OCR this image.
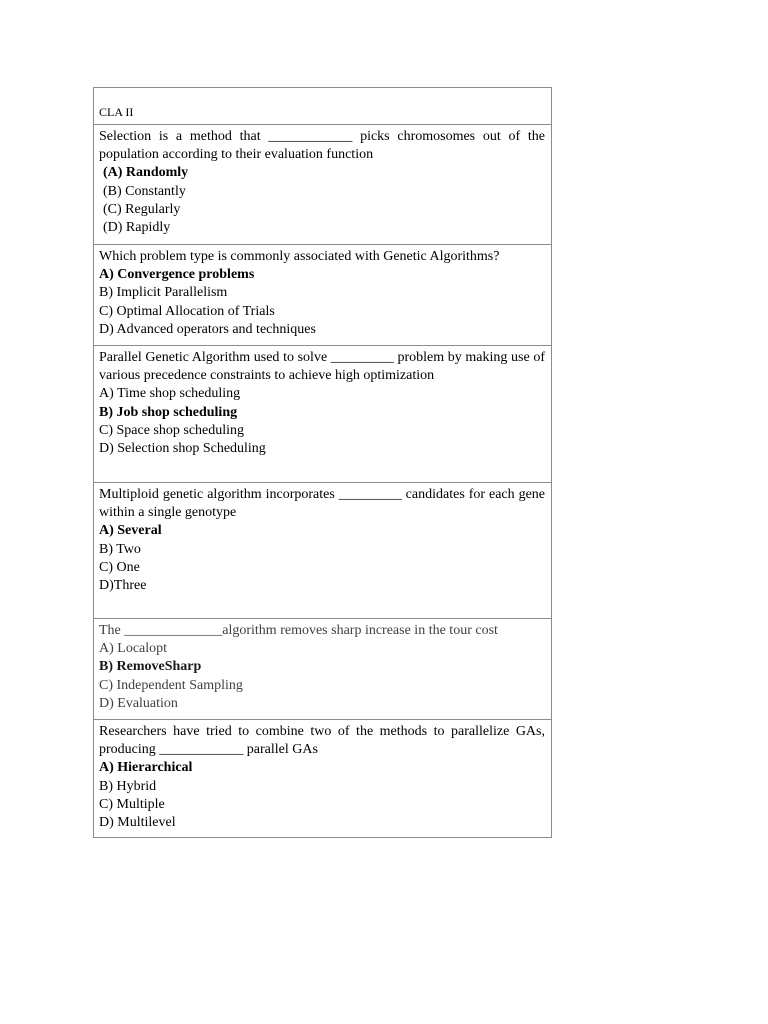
CLA II

Selection is a method that ____________ picks chromosomes out of the population according to their evaluation function
(A) Randomly
(B) Constantly
(C) Regularly
(D) Rapidly

Which problem type is commonly associated with Genetic Algorithms?
A) Convergence problems
B) Implicit Parallelism
C) Optimal Allocation of Trials
D) Advanced operators and techniques

Parallel Genetic Algorithm used to solve _________ problem by making use of various precedence constraints to achieve high optimization
A) Time shop scheduling
B) Job shop scheduling
C) Space shop scheduling
D) Selection shop Scheduling

Multiploid genetic algorithm incorporates _________ candidates for each gene within a single genotype
A) Several
B) Two
C) One
D)Three

The ______________algorithm removes sharp increase in the tour cost
A) Localopt
B) RemoveSharp
C) Independent Sampling
D) Evaluation

Researchers have tried to combine two of the methods to parallelize GAs, producing ____________ parallel GAs
A) Hierarchical
B) Hybrid
C) Multiple
D) Multilevel
